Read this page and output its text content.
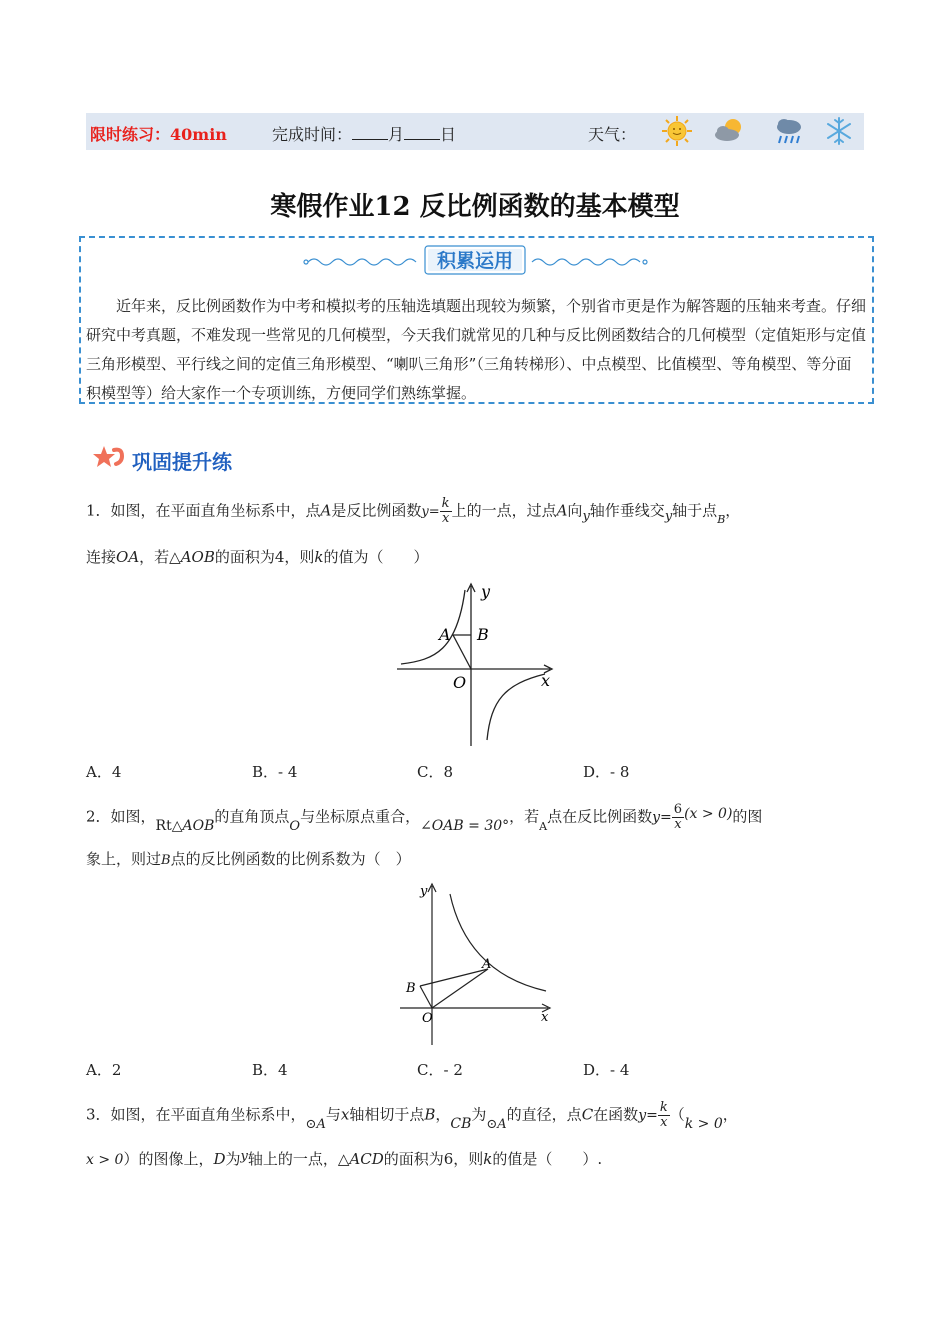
限时练习：40min	完成时间： 月 日	天气：
寒假作业12 反比例函数的基本模型
积累运用
近年来，反比例函数作为中考和模拟考的压轴选填题出现较为频繁，个别省市更是作为解答题的压轴来考查。仔细研究中考真题，不难发现一些常见的几何模型，今天我们就常见的几种与反比例函数结合的几何模型（定值矩形与定值三角形模型、平行线之间的定值三角形模型、“喇叭三角形”（三角转梯形）、中点模型、比值模型、等角模型、等分面积模型等）给大家作一个专项训练，方便同学们熟练掌握。
巩固提升练
1．如图，在平面直角坐标系中，点A是反比例函数$y= \frac{k}{x}$ 上的一点，过点A向y轴作垂线交y轴于点$_B$，
连接OA，若△AOB的面积为4，则k的值为（　　）
y
A B
O	x
A．4	B．- 4	C．8	D．- 8
2．如图，Rt△AOB的直角顶点O与坐标原点重合，∠OAB = 30°，若$_A$点在反比例函数$y= \frac{6}{x} (x > 0)$的图
象上，则过B点的反比例函数的比例系数为（　）
y
A
B
O	x
A．2	B．4	C．- 2	D．- 4
3．如图，在平面直角坐标系中，⊙A与x轴相切于点B，CB为⊙A的直径，点C在函数$y= \frac{k}{x} (k > 0$，
x > 0）的图像上，D为y轴上的一点，△ACD的面积为6，则k的值是（　　）.
